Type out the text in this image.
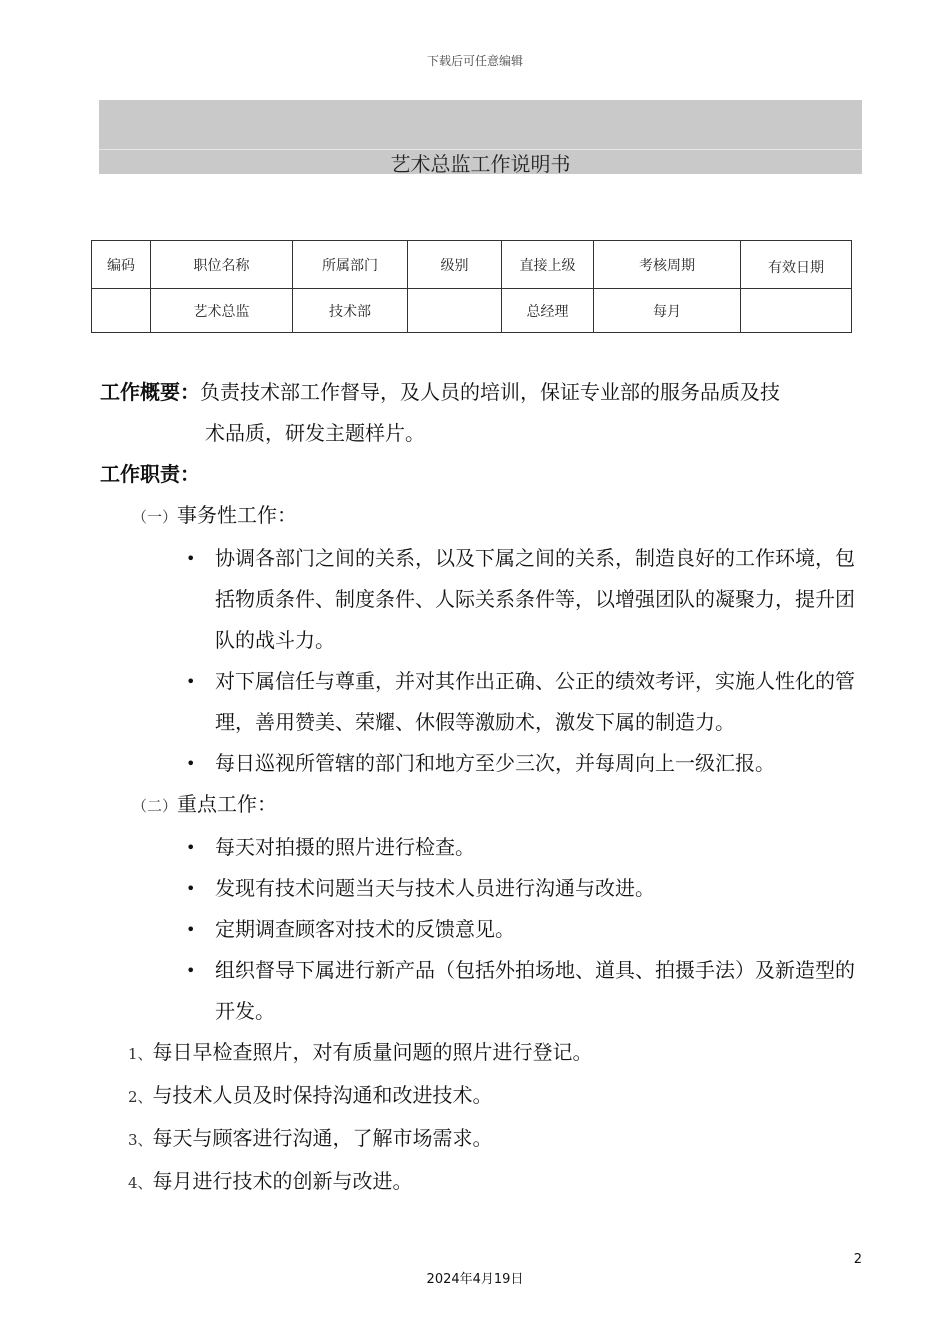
下载后可任意编辑
艺术总监工作说明书
编码	职位名称	所属部门	级别	直接上级	考核周期	有效日期
	艺术总监	技术部		总经理	每月	
工作概要：负责技术部工作督导，及人员的培训，保证专业部的服务品质及技
术品质，研发主题样片。
工作职责：
（一）事务性工作：
• 协调各部门之间的关系，以及下属之间的关系，制造良好的工作环境，包括物质条件、制度条件、人际关系条件等，以增强团队的凝聚力，提升团队的战斗力。
• 对下属信任与尊重，并对其作出正确、公正的绩效考评，实施人性化的管理，善用赞美、荣耀、休假等激励术，激发下属的制造力。
• 每日巡视所管辖的部门和地方至少三次，并每周向上一级汇报。
（二）重点工作：
• 每天对拍摄的照片进行检查。
• 发现有技术问题当天与技术人员进行沟通与改进。
• 定期调查顾客对技术的反馈意见。
• 组织督导下属进行新产品（包括外拍场地、道具、拍摄手法）及新造型的开发。
1、每日早检查照片，对有质量问题的照片进行登记。
2、与技术人员及时保持沟通和改进技术。
3、每天与顾客进行沟通，了解市场需求。
4、每月进行技术的创新与改进。
2
2024年4月19日
